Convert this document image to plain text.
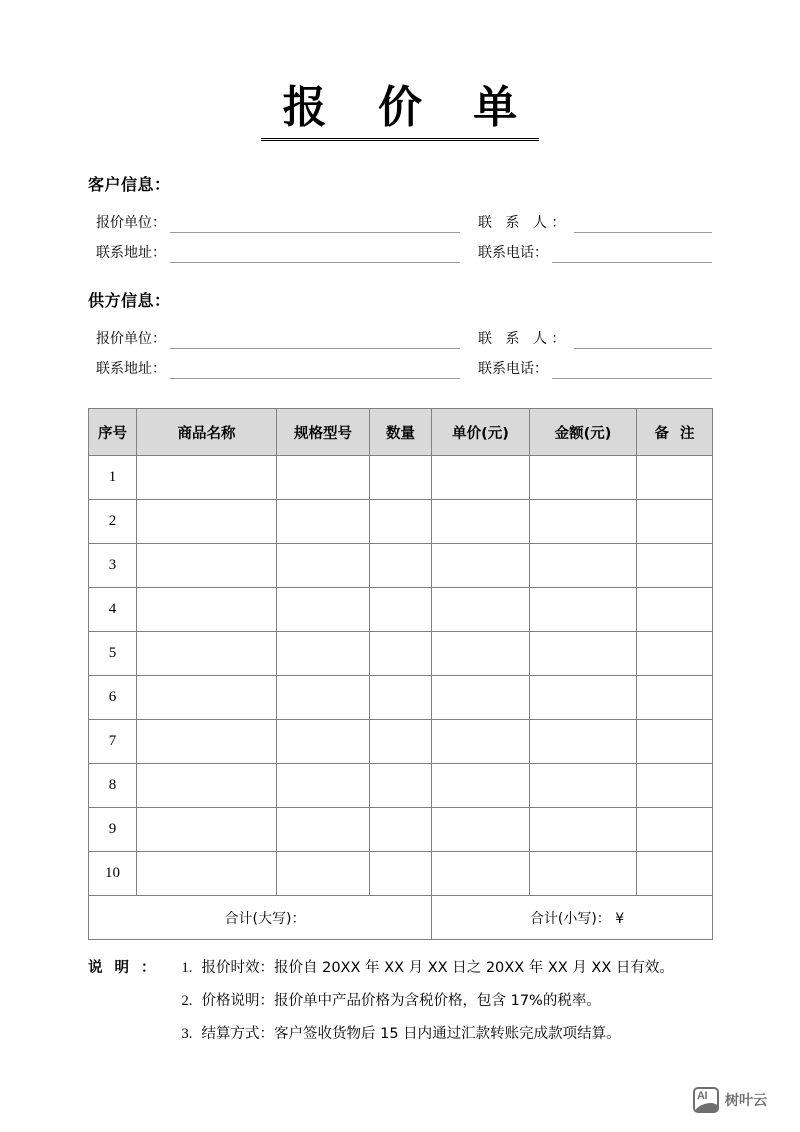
报 价 单
客户信息：
报价单位：	联 系 人：
联系地址：	联系电话：
供方信息：
报价单位：	联 系 人：
联系地址：	联系电话：
序号	商品名称	规格型号	数量	单价(元)	金额(元)	备 注
1						
2						
3						
4						
5						
6						
7						
8						
9						
10						
合计(大写)：				合计(小写)： ¥		
说明： 1. 报价时效：报价自 20XX 年 XX 月 XX 日之 20XX 年 XX 月 XX 日有效。
2. 价格说明：报价单中产品价格为含税价格，包含 17%的税率。
3. 结算方式：客户签收货物后 15 日内通过汇款转账完成款项结算。
AI 树叶云
